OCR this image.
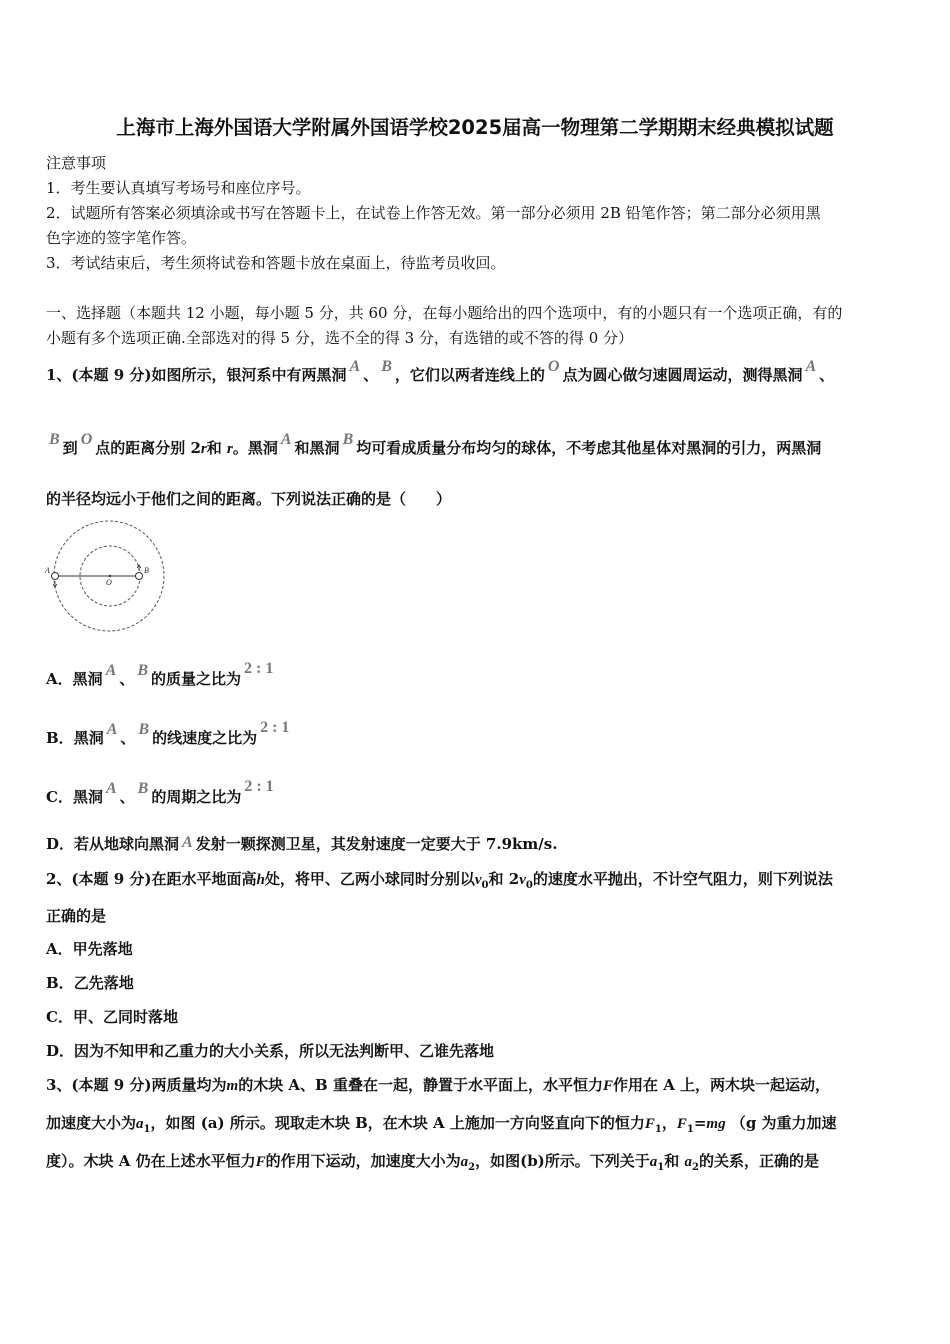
上海市上海外国语大学附属外国语学校2025届高一物理第二学期期末经典模拟试题
注意事项
1．考生要认真填写考场号和座位序号。
2．试题所有答案必须填涂或书写在答题卡上，在试卷上作答无效。第一部分必须用 2B 铅笔作答；第二部分必须用黑
色字迹的签字笔作答。
3．考试结束后，考生须将试卷和答题卡放在桌面上，待监考员收回。
一、选择题（本题共 12 小题，每小题 5 分，共 60 分，在每小题给出的四个选项中，有的小题只有一个选项正确，有的
小题有多个选项正确.全部选对的得 5 分，选不全的得 3 分，有选错的或不答的得 0 分）
1、(本题 9 分)如图所示，银河系中有两黑洞 A 、 B ，它们以两者连线上的 O 点为圆心做匀速圆周运动，测得黑洞 A 、
B 到 O 点的距离分别 2r和 r。黑洞 A 和黑洞 B 均可看成质量分布均匀的球体，不考虑其他星体对黑洞的引力，两黑洞
的半径均远小于他们之间的距离。下列说法正确的是（　　）
A	B
O
A．黑洞 A 、 B 的质量之比为2 : 1
B．黑洞 A 、 B 的线速度之比为2 : 1
C．黑洞 A 、 B 的周期之比为2 : 1
D．若从地球向黑洞 A 发射一颗探测卫星，其发射速度一定要大于 7.9km/s.
2、(本题 9 分)在距水平地面高h处，将甲、乙两小球同时分别以$v_0$和 $2v_0$的速度水平抛出，不计空气阻力，则下列说法
正确的是
A．甲先落地
B．乙先落地
C．甲、乙同时落地
D．因为不知甲和乙重力的大小关系，所以无法判断甲、乙谁先落地
3、(本题 9 分)两质量均为m的木块 A、B 重叠在一起，静置于水平面上，水平恒力F作用在 A 上，两木块一起运动，
加速度大小为$a_1$，如图 (a) 所示。现取走木块 B，在木块 A 上施加一方向竖直向下的恒力$F_1$，$F_1=mg$ （g 为重力加速
度）。木块 A 仍在上述水平恒力F的作用下运动，加速度大小为$a_2$，如图(b)所示。下列关于$a_1$和 $a_2$的关系，正确的是
